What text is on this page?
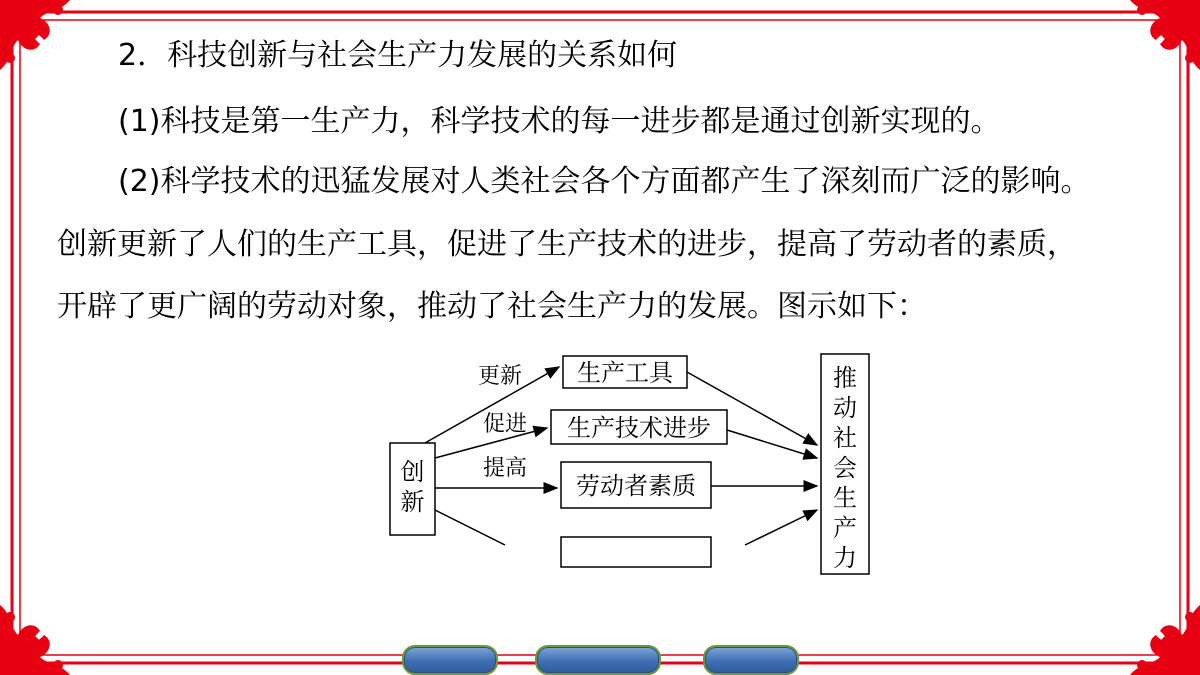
2．科技创新与社会生产力发展的关系如何
(1)科技是第一生产力，科学技术的每一进步都是通过创新实现的。
(2)科学技术的迅猛发展对人类社会各个方面都产生了深刻而广泛的影响。
创新更新了人们的生产工具，促进了生产技术的进步，提高了劳动者的素质，
开辟了更广阔的劳动对象，推动了社会生产力的发展。图示如下：
创新
生产工具
生产技术进步
劳动者素质
推动社会生产力
更新
促进
提高
